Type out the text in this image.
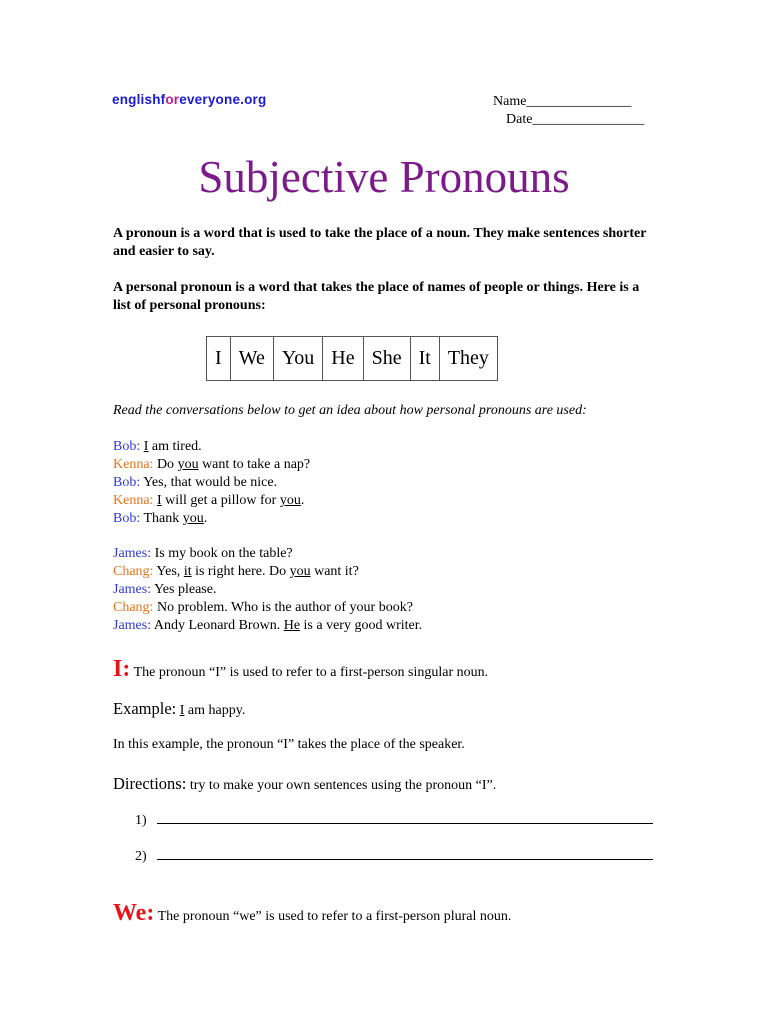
englishforeveryone.org	Name_______________
Date________________
Subjective Pronouns

A pronoun is a word that is used to take the place of a noun. They make sentences shorter and easier to say.

A personal pronoun is a word that takes the place of names of people or things. Here is a list of personal pronouns:

I	We	You	He	She	It	They
Read the conversations below to get an idea about how personal pronouns are used:
Bob: I am tired.
Kenna: Do you want to take a nap?
Bob: Yes, that would be nice.
Kenna: I will get a pillow for you.
Bob: Thank you.
James: Is my book on the table?
Chang: Yes, it is right here. Do you want it?
James: Yes please.
Chang: No problem. Who is the author of your book?
James: Andy Leonard Brown. He is a very good writer.
I: The pronoun “I” is used to refer to a first-person singular noun.
Example: I am happy.
In this example, the pronoun “I” takes the place of the speaker.
Directions: try to make your own sentences using the pronoun “I”.
1)
2)
We: The pronoun “we” is used to refer to a first-person plural noun.
